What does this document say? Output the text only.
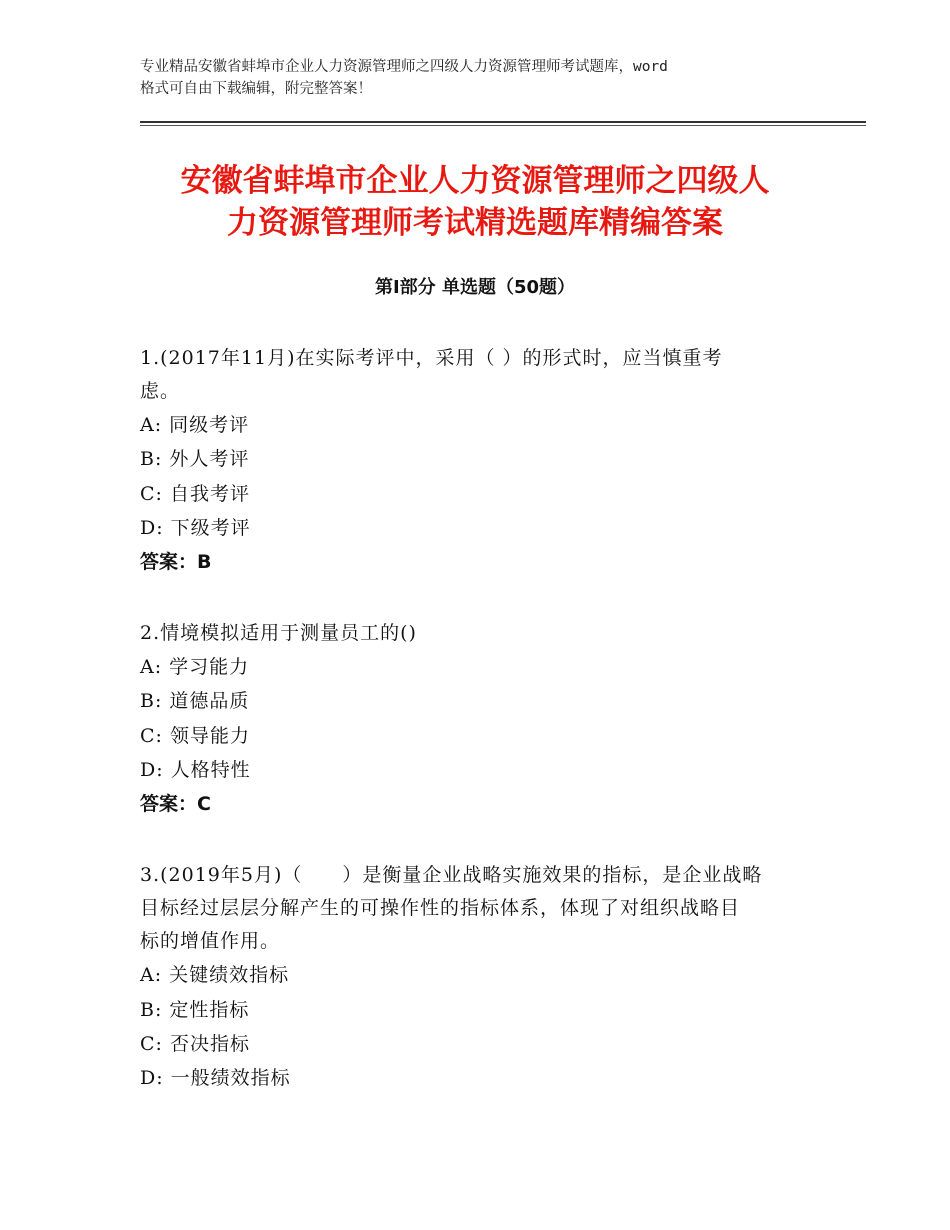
专业精品安徽省蚌埠市企业人力资源管理师之四级人力资源管理师考试题库，word
格式可自由下载编辑，附完整答案！
安徽省蚌埠市企业人力资源管理师之四级人
力资源管理师考试精选题库精编答案
第Ⅰ部分 单选题（50题）
1.(2017年11月)在实际考评中，采用（ ）的形式时，应当慎重考
虑。
A: 同级考评
B: 外人考评
C: 自我考评
D: 下级考评
答案：B
2.情境模拟适用于测量员工的()
A: 学习能力
B: 道德品质
C: 领导能力
D: 人格特性
答案：C
3.(2019年5月)（　　）是衡量企业战略实施效果的指标，是企业战略
目标经过层层分解产生的可操作性的指标体系，体现了对组织战略目
标的增值作用。
A: 关键绩效指标
B: 定性指标
C: 否决指标
D: 一般绩效指标
